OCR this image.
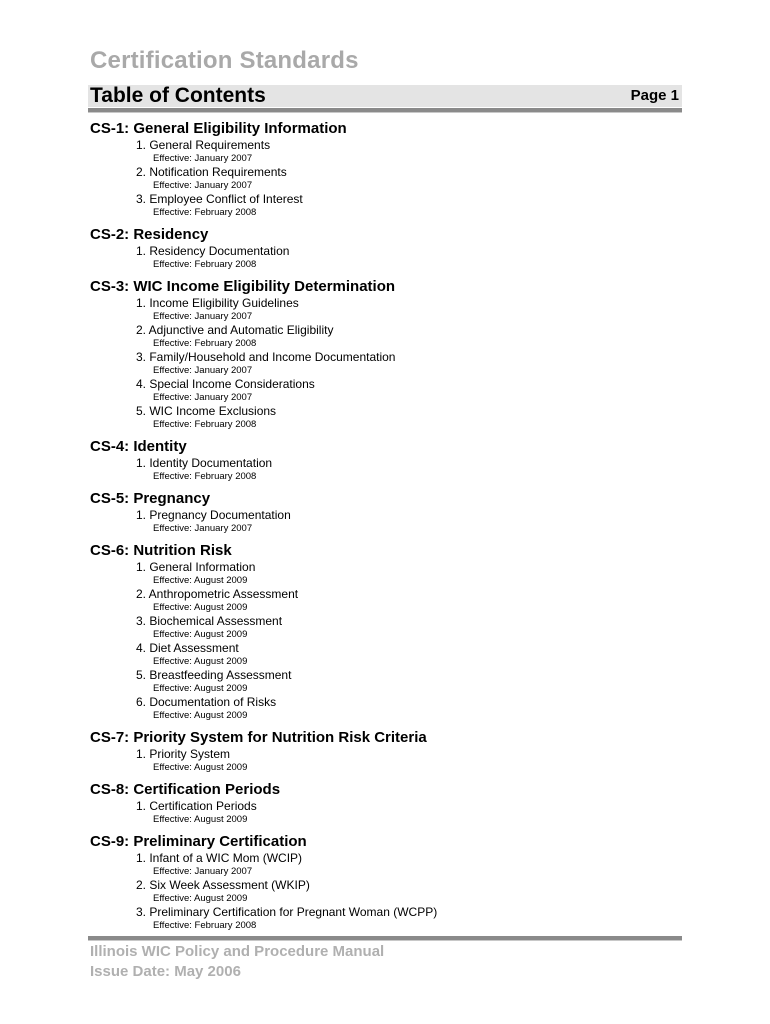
Certification Standards
Table of Contents	Page 1
CS-1: General Eligibility Information
1. General Requirements
Effective: January 2007
2. Notification Requirements
Effective: January 2007
3. Employee Conflict of Interest
Effective: February 2008
CS-2: Residency
1. Residency Documentation
Effective: February 2008
CS-3: WIC Income Eligibility Determination
1. Income Eligibility Guidelines
Effective: January 2007
2. Adjunctive and Automatic Eligibility
Effective: February 2008
3. Family/Household and Income Documentation
Effective: January 2007
4. Special Income Considerations
Effective: January 2007
5. WIC Income Exclusions
Effective: February 2008
CS-4: Identity
1. Identity Documentation
Effective: February 2008
CS-5: Pregnancy
1. Pregnancy Documentation
Effective: January 2007
CS-6: Nutrition Risk
1. General Information
Effective: August 2009
2. Anthropometric Assessment
Effective: August 2009
3. Biochemical Assessment
Effective: August 2009
4. Diet Assessment
Effective: August 2009
5. Breastfeeding Assessment
Effective: August 2009
6. Documentation of Risks
Effective: August 2009
CS-7: Priority System for Nutrition Risk Criteria
1. Priority System
Effective: August 2009
CS-8: Certification Periods
1. Certification Periods
Effective: August 2009
CS-9: Preliminary Certification
1. Infant of a WIC Mom (WCIP)
Effective: January 2007
2. Six Week Assessment (WKIP)
Effective: August 2009
3. Preliminary Certification for Pregnant Woman (WCPP)
Effective: February 2008
Illinois WIC Policy and Procedure Manual
Issue Date: May 2006
